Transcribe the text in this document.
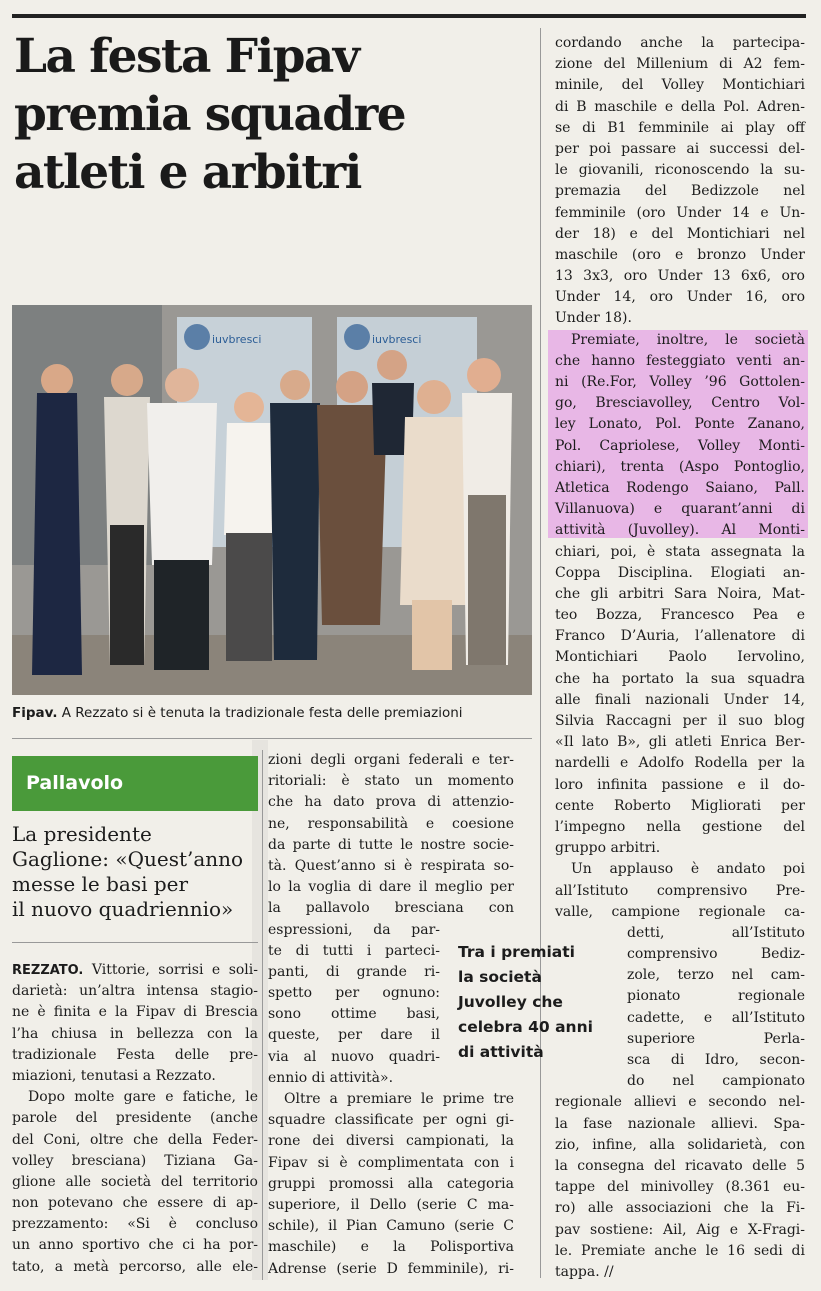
La festa Fipav
premia squadre
atleti e arbitri
iuvbresci	iuvbresci

Fipav. A Rezzato si è tenuta la tradizionale festa delle premiazioni

Pallavolo
La presidente
Gaglione: «Quest’anno
messe le basi per
il nuovo quadriennio»
REZZATO. Vittorie, sorrisi e soli-
darietà: un’altra intensa stagio-
ne è finita e la Fipav di Brescia
l’ha chiusa in bellezza con la
tradizionale Festa delle pre-
miazioni, tenutasi a Rezzato.
Dopo molte gare e fatiche, le
parole del presidente (anche
del Coni, oltre che della Feder-
volley bresciana) Tiziana Ga-
glione alle società del territorio
non potevano che essere di ap-
prezzamento: «Si è concluso
un anno sportivo che ci ha por-
tato, a metà percorso, alle ele-
zioni degli organi federali e ter-
ritoriali: è stato un momento
che ha dato prova di attenzio-
ne, responsabilità e coesione
da parte di tutte le nostre socie-
tà. Quest’anno si è respirata so-
lo la voglia di dare il meglio per
la pallavolo bresciana con
espressioni, da par-
te di tutti i parteci-
panti, di grande ri-
spetto per ognuno:
sono ottime basi,
queste, per dare il
via al nuovo quadri-
ennio di attività».
Oltre a premiare le prime tre
squadre classificate per ogni gi-
rone dei diversi campionati, la
Fipav si è complimentata con i
gruppi promossi alla categoria
superiore, il Dello (serie C ma-
schile), il Pian Camuno (serie C
maschile) e la Polisportiva
Adrense (serie D femminile), ri-

Tra i premiati
la società
Juvolley che
celebra 40 anni
di attività

cordando anche la partecipa-
zione del Millenium di A2 fem-
minile, del Volley Montichiari
di B maschile e della Pol. Adren-
se di B1 femminile ai play off
per poi passare ai successi del-
le giovanili, riconoscendo la su-
premazia del Bedizzole nel
femminile (oro Under 14 e Un-
der 18) e del Montichiari nel
maschile (oro e bronzo Under
13 3x3, oro Under 13 6x6, oro
Under 14, oro Under 16, oro
Under 18).
Premiate, inoltre, le società
che hanno festeggiato venti an-
ni (Re.For, Volley ’96 Gottolen-
go, Bresciavolley, Centro Vol-
ley Lonato, Pol. Ponte Zanano,
Pol. Capriolese, Volley Monti-
chiari), trenta (Aspo Pontoglio,
Atletica Rodengo Saiano, Pall.
Villanuova) e quarant’anni di
attività (Juvolley). Al Monti-
chiari, poi, è stata assegnata la
Coppa Disciplina. Elogiati an-
che gli arbitri Sara Noira, Mat-
teo Bozza, Francesco Pea e
Franco D’Auria, l’allenatore di
Montichiari Paolo Iervolino,
che ha portato la sua squadra
alle finali nazionali Under 14,
Silvia Raccagni per il suo blog
«Il lato B», gli atleti Enrica Ber-
nardelli e Adolfo Rodella per la
loro infinita passione e il do-
cente Roberto Migliorati per
l’impegno nella gestione del
gruppo arbitri.
Un applauso è andato poi
all’Istituto comprensivo Pre-
valle, campione regionale ca-
detti, all’Istituto
comprensivo Bediz-
zole, terzo nel cam-
pionato regionale
cadette, e all’Istituto
superiore Perla-
sca di Idro, secon-
do nel campionato
regionale allievi e secondo nel-
la fase nazionale allievi. Spa-
zio, infine, alla solidarietà, con
la consegna del ricavato delle 5
tappe del minivolley (8.361 eu-
ro) alle associazioni che la Fi-
pav sostiene: Ail, Aig e X-Fragi-
le. Premiate anche le 16 sedi di
tappa. //
